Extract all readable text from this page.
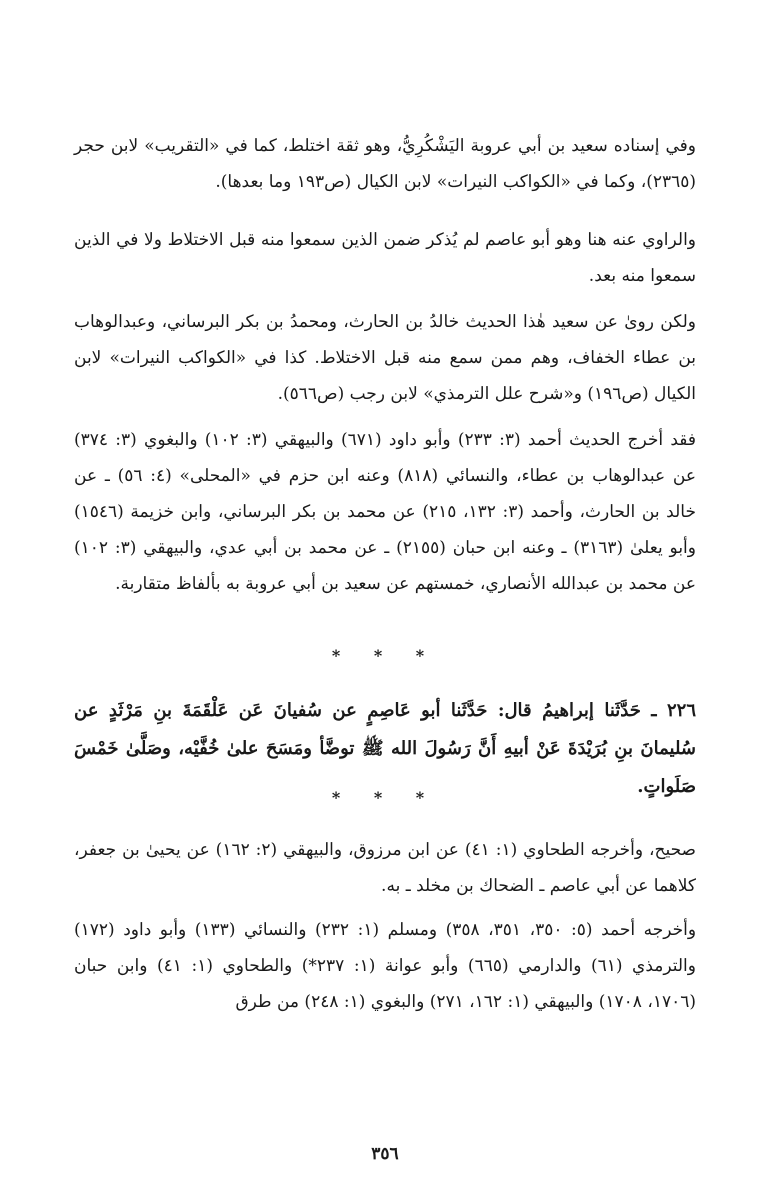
وفي إسناده سعيد بن أبي عروبة اليَشْكُرِيُّ، وهو ثقة اختلط، كما في «التقريب» لابن حجر (٢٣٦٥)، وكما في «الكواكب النيرات» لابن الكيال (ص١٩٣ وما بعدها).

والراوي عنه هنا وهو أبو عاصم لم يُذكر ضمن الذين سمعوا منه قبل الاختلاط ولا في الذين سمعوا منه بعد.

ولكن روىٰ عن سعيد هٰذا الحديث خالدُ بن الحارث، ومحمدُ بن بكر البرساني، وعبدالوهاب بن عطاء الخفاف، وهم ممن سمع منه قبل الاختلاط. كذا في «الكواكب النيرات» لابن الكيال (ص١٩٦) و«شرح علل الترمذي» لابن رجب (ص٥٦٦).

فقد أخرج الحديث أحمد (٣: ٢٣٣) وأبو داود (٦٧١) والبيهقي (٣: ١٠٢) والبغوي (٣: ٣٧٤) عن عبدالوهاب بن عطاء، والنسائي (٨١٨) وعنه ابن حزم في «المحلى» (٤: ٥٦) ـ عن خالد بن الحارث، وأحمد (٣: ١٣٢، ٢١٥) عن محمد بن بكر البرساني، وابن خزيمة (١٥٤٦) وأبو يعلىٰ (٣١٦٣) ـ وعنه ابن حبان (٢١٥٥) ـ عن محمد بن أبي عدي، والبيهقي (٣: ١٠٢) عن محمد بن عبدالله الأنصاري، خمستهم عن سعيد بن أبي عروبة به بألفاظ متقاربة.

* * *

٢٢٦ ـ حَدَّثَنا إبراهيمُ قال: حَدَّثَنا أبو عَاصِمٍ عن سُفيانَ عَن عَلْقَمَةَ بنِ مَرْثَدٍ عن سُليمانَ بنِ بُرَيْدَةَ عَنْ أبيهِ أَنَّ رَسُولَ الله ﷺ توضَّأ ومَسَحَ علىٰ خُفَّيْه، وصَلَّىٰ خَمْسَ صَلَواتٍ.

* * *

صحيح، وأخرجه الطحاوي (١: ٤١) عن ابن مرزوق، والبيهقي (٢: ١٦٢) عن يحيىٰ بن جعفر، كلاهما عن أبي عاصم ـ الضحاك بن مخلد ـ به.

وأخرجه أحمد (٥: ٣٥٠، ٣٥١، ٣٥٨) ومسلم (١: ٢٣٢) والنسائي (١٣٣) وأبو داود (١٧٢) والترمذي (٦١) والدارمي (٦٦٥) وأبو عوانة (١: ٢٣٧*) والطحاوي (١: ٤١) وابن حبان (١٧٠٦، ١٧٠٨) والبيهقي (١: ١٦٢، ٢٧١) والبغوي (١: ٢٤٨) من طرق

٣٥٦
